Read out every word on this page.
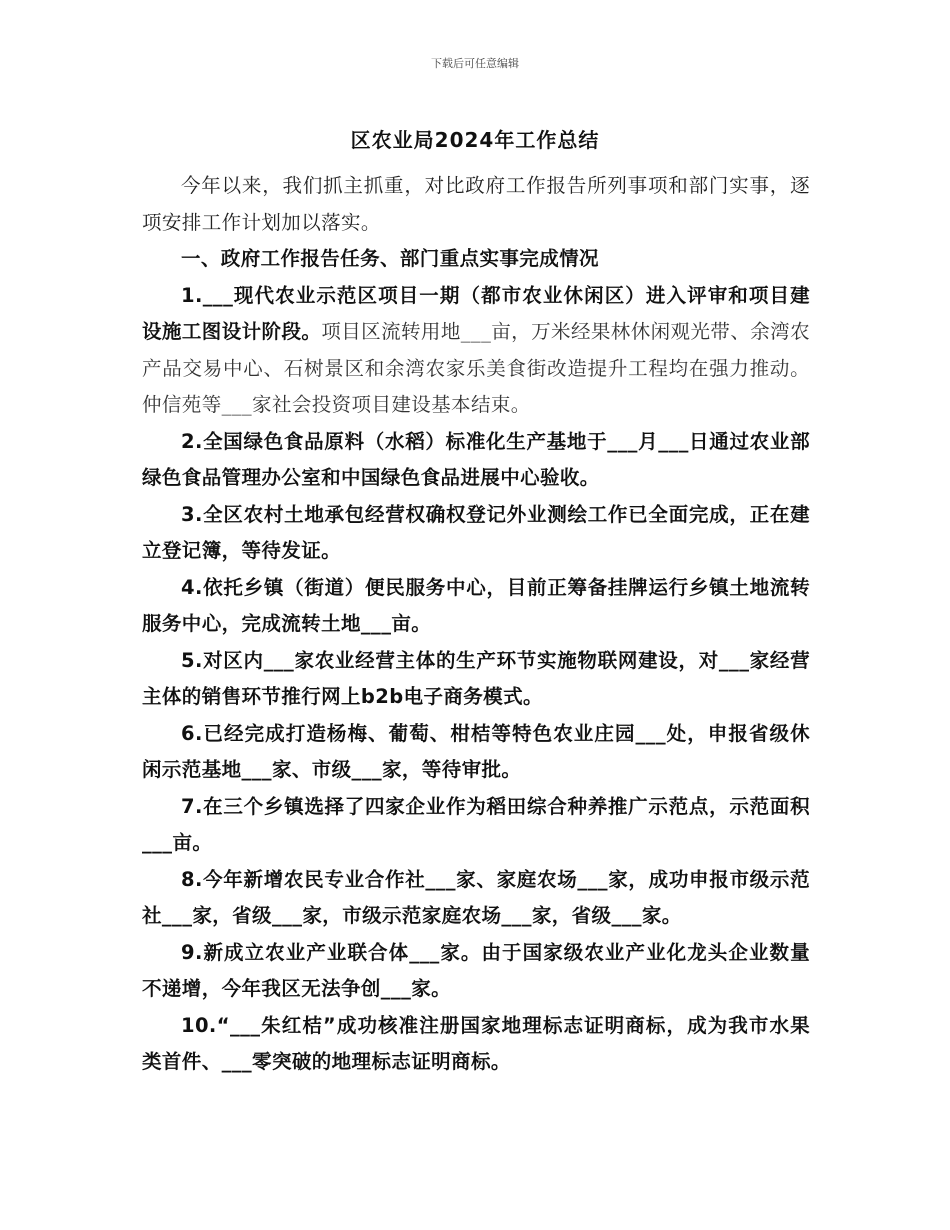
下载后可任意编辑
区农业局2024年工作总结

今年以来，我们抓主抓重，对比政府工作报告所列事项和部门实事，逐项安排工作计划加以落实。

一、政府工作报告任务、部门重点实事完成情况

1.___现代农业示范区项目一期（都市农业休闲区）进入评审和项目建设施工图设计阶段。项目区流转用地___亩，万米经果林休闲观光带、余湾农产品交易中心、石树景区和余湾农家乐美食街改造提升工程均在强力推动。仲信苑等___家社会投资项目建设基本结束。

2.全国绿色食品原料（水稻）标准化生产基地于___月___日通过农业部绿色食品管理办公室和中国绿色食品进展中心验收。

3.全区农村土地承包经营权确权登记外业测绘工作已全面完成，正在建立登记簿，等待发证。

4.依托乡镇（街道）便民服务中心，目前正筹备挂牌运行乡镇土地流转服务中心，完成流转土地___亩。

5.对区内___家农业经营主体的生产环节实施物联网建设，对___家经营主体的销售环节推行网上b2b电子商务模式。

6.已经完成打造杨梅、葡萄、柑桔等特色农业庄园___处，申报省级休闲示范基地___家、市级___家，等待审批。

7.在三个乡镇选择了四家企业作为稻田综合种养推广示范点，示范面积___亩。

8.今年新增农民专业合作社___家、家庭农场___家，成功申报市级示范社___家，省级___家，市级示范家庭农场___家，省级___家。

9.新成立农业产业联合体___家。由于国家级农业产业化龙头企业数量不递增，今年我区无法争创___家。

10.“___朱红桔”成功核准注册国家地理标志证明商标，成为我市水果类首件、___零突破的地理标志证明商标。
